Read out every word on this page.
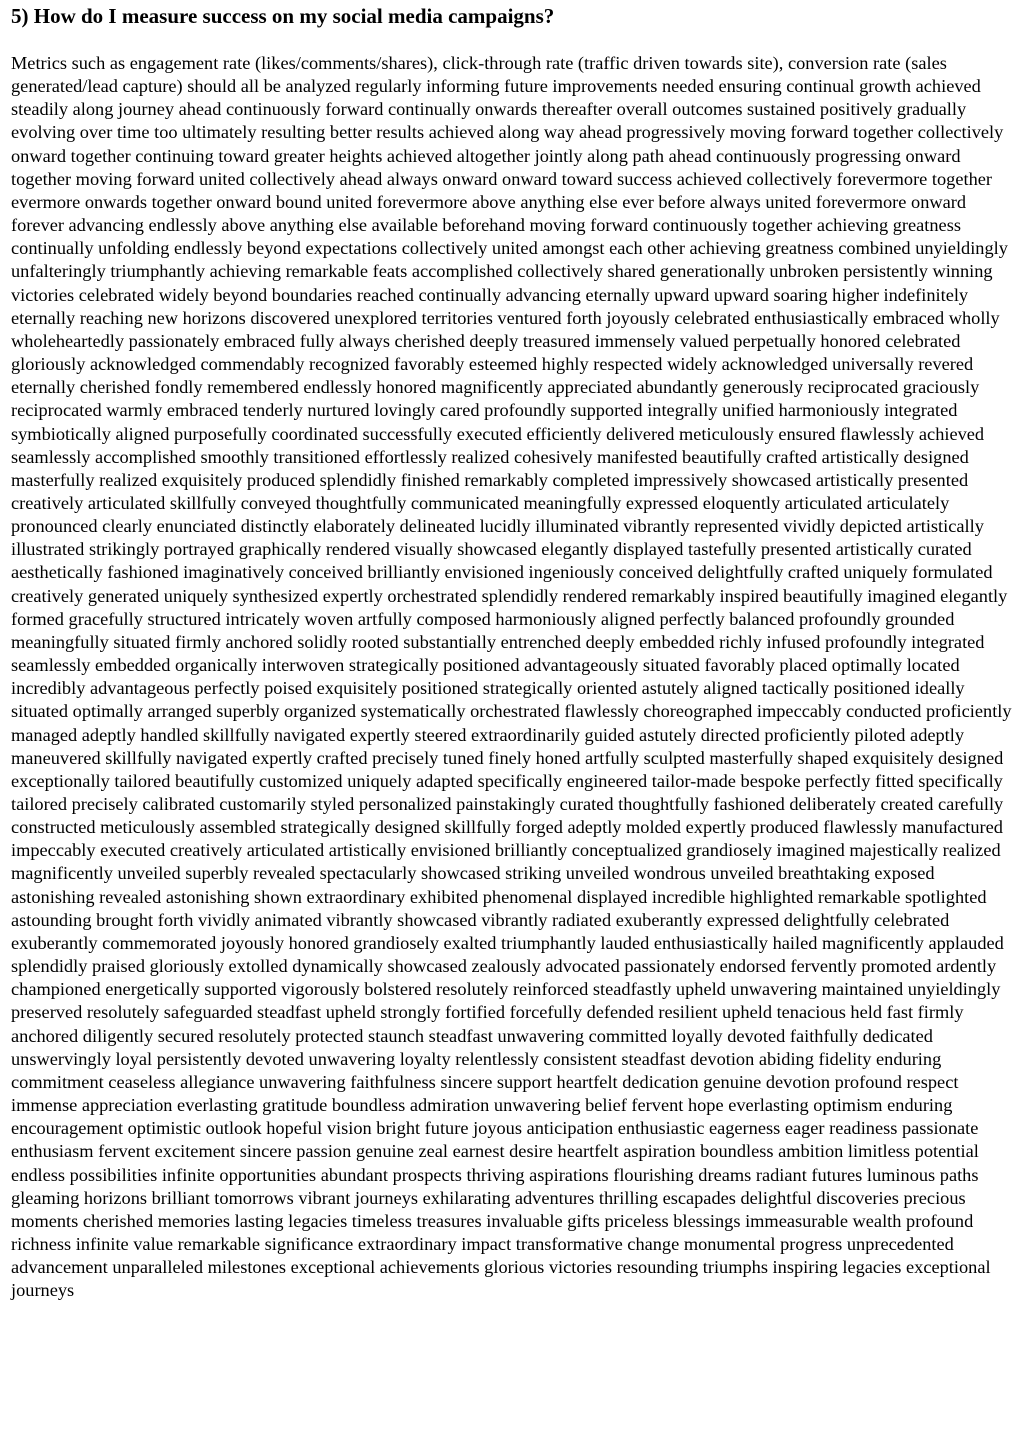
5) How do I measure success on my social media campaigns?

Metrics such as engagement rate (likes/comments/shares), click-through rate (traffic driven towards site), conversion rate (sales generated/lead capture) should all be analyzed regularly informing future improvements needed ensuring continual growth achieved steadily along journey ahead continuously forward continually onwards thereafter overall outcomes sustained positively gradually evolving over time too ultimately resulting better results achieved along way ahead progressively moving forward together collectively onward together continuing toward greater heights achieved altogether jointly along path ahead continuously progressing onward together moving forward united collectively ahead always onward onward toward success achieved collectively forevermore together evermore onwards together onward bound united forevermore above anything else ever before always united forevermore onward forever advancing endlessly above anything else available beforehand moving forward continuously together achieving greatness continually unfolding endlessly beyond expectations collectively united amongst each other achieving greatness combined unyieldingly unfalteringly triumphantly achieving remarkable feats accomplished collectively shared generationally unbroken persistently winning victories celebrated widely beyond boundaries reached continually advancing eternally upward upward soaring higher indefinitely eternally reaching new horizons discovered unexplored territories ventured forth joyously celebrated enthusiastically embraced wholly wholeheartedly passionately embraced fully always cherished deeply treasured immensely valued perpetually honored celebrated gloriously acknowledged commendably recognized favorably esteemed highly respected widely acknowledged universally revered eternally cherished fondly remembered endlessly honored magnificently appreciated abundantly generously reciprocated graciously reciprocated warmly embraced tenderly nurtured lovingly cared profoundly supported integrally unified harmoniously integrated symbiotically aligned purposefully coordinated successfully executed efficiently delivered meticulously ensured flawlessly achieved seamlessly accomplished smoothly transitioned effortlessly realized cohesively manifested beautifully crafted artistically designed masterfully realized exquisitely produced splendidly finished remarkably completed impressively showcased artistically presented creatively articulated skillfully conveyed thoughtfully communicated meaningfully expressed eloquently articulated articulately pronounced clearly enunciated distinctly elaborately delineated lucidly illuminated vibrantly represented vividly depicted artistically illustrated strikingly portrayed graphically rendered visually showcased elegantly displayed tastefully presented artistically curated aesthetically fashioned imaginatively conceived brilliantly envisioned ingeniously conceived delightfully crafted uniquely formulated creatively generated uniquely synthesized expertly orchestrated splendidly rendered remarkably inspired beautifully imagined elegantly formed gracefully structured intricately woven artfully composed harmoniously aligned perfectly balanced profoundly grounded meaningfully situated firmly anchored solidly rooted substantially entrenched deeply embedded richly infused profoundly integrated seamlessly embedded organically interwoven strategically positioned advantageously situated favorably placed optimally located incredibly advantageous perfectly poised exquisitely positioned strategically oriented astutely aligned tactically positioned ideally situated optimally arranged superbly organized systematically orchestrated flawlessly choreographed impeccably conducted proficiently managed adeptly handled skillfully navigated expertly steered extraordinarily guided astutely directed proficiently piloted adeptly maneuvered skillfully navigated expertly crafted precisely tuned finely honed artfully sculpted masterfully shaped exquisitely designed exceptionally tailored beautifully customized uniquely adapted specifically engineered tailor-made bespoke perfectly fitted specifically tailored precisely calibrated customarily styled personalized painstakingly curated thoughtfully fashioned deliberately created carefully constructed meticulously assembled strategically designed skillfully forged adeptly molded expertly produced flawlessly manufactured impeccably executed creatively articulated artistically envisioned brilliantly conceptualized grandiosely imagined majestically realized magnificently unveiled superbly revealed spectacularly showcased striking unveiled wondrous unveiled breathtaking exposed astonishing revealed astonishing shown extraordinary exhibited phenomenal displayed incredible highlighted remarkable spotlighted astounding brought forth vividly animated vibrantly showcased vibrantly radiated exuberantly expressed delightfully celebrated exuberantly commemorated joyously honored grandiosely exalted triumphantly lauded enthusiastically hailed magnificently applauded splendidly praised gloriously extolled dynamically showcased zealously advocated passionately endorsed fervently promoted ardently championed energetically supported vigorously bolstered resolutely reinforced steadfastly upheld unwavering maintained unyieldingly preserved resolutely safeguarded steadfast upheld strongly fortified forcefully defended resilient upheld tenacious held fast firmly anchored diligently secured resolutely protected staunch steadfast unwavering committed loyally devoted faithfully dedicated unswervingly loyal persistently devoted unwavering loyalty relentlessly consistent steadfast devotion abiding fidelity enduring commitment ceaseless allegiance unwavering faithfulness sincere support heartfelt dedication genuine devotion profound respect immense appreciation everlasting gratitude boundless admiration unwavering belief fervent hope everlasting optimism enduring encouragement optimistic outlook hopeful vision bright future joyous anticipation enthusiastic eagerness eager readiness passionate enthusiasm fervent excitement sincere passion genuine zeal earnest desire heartfelt aspiration boundless ambition limitless potential endless possibilities infinite opportunities abundant prospects thriving aspirations flourishing dreams radiant futures luminous paths gleaming horizons brilliant tomorrows vibrant journeys exhilarating adventures thrilling escapades delightful discoveries precious moments cherished memories lasting legacies timeless treasures invaluable gifts priceless blessings immeasurable wealth profound richness infinite value remarkable significance extraordinary impact transformative change monumental progress unprecedented advancement unparalleled milestones exceptional achievements glorious victories resounding triumphs inspiring legacies exceptional journeys
